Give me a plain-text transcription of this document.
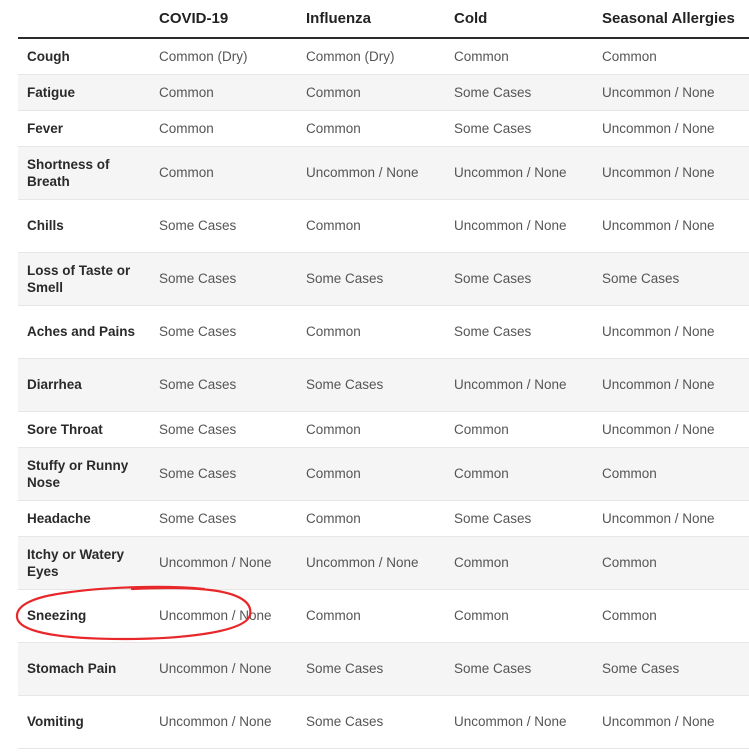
	COVID-19	Influenza	Cold	Seasonal Allergies
Cough	Common (Dry)	Common (Dry)	Common	Common
Fatigue	Common	Common	Some Cases	Uncommon / None
Fever	Common	Common	Some Cases	Uncommon / None
Shortness of Breath	Common	Uncommon / None	Uncommon / None	Uncommon / None
Chills	Some Cases	Common	Uncommon / None	Uncommon / None
Loss of Taste or Smell	Some Cases	Some Cases	Some Cases	Some Cases
Aches and Pains	Some Cases	Common	Some Cases	Uncommon / None
Diarrhea	Some Cases	Some Cases	Uncommon / None	Uncommon / None
Sore Throat	Some Cases	Common	Common	Uncommon / None
Stuffy or Runny Nose	Some Cases	Common	Common	Common
Headache	Some Cases	Common	Some Cases	Uncommon / None
Itchy or Watery Eyes	Uncommon / None	Uncommon / None	Common	Common
Sneezing	Uncommon / None	Common	Common	Common
Stomach Pain	Uncommon / None	Some Cases	Some Cases	Some Cases
Vomiting	Uncommon / None	Some Cases	Uncommon / None	Uncommon / None
